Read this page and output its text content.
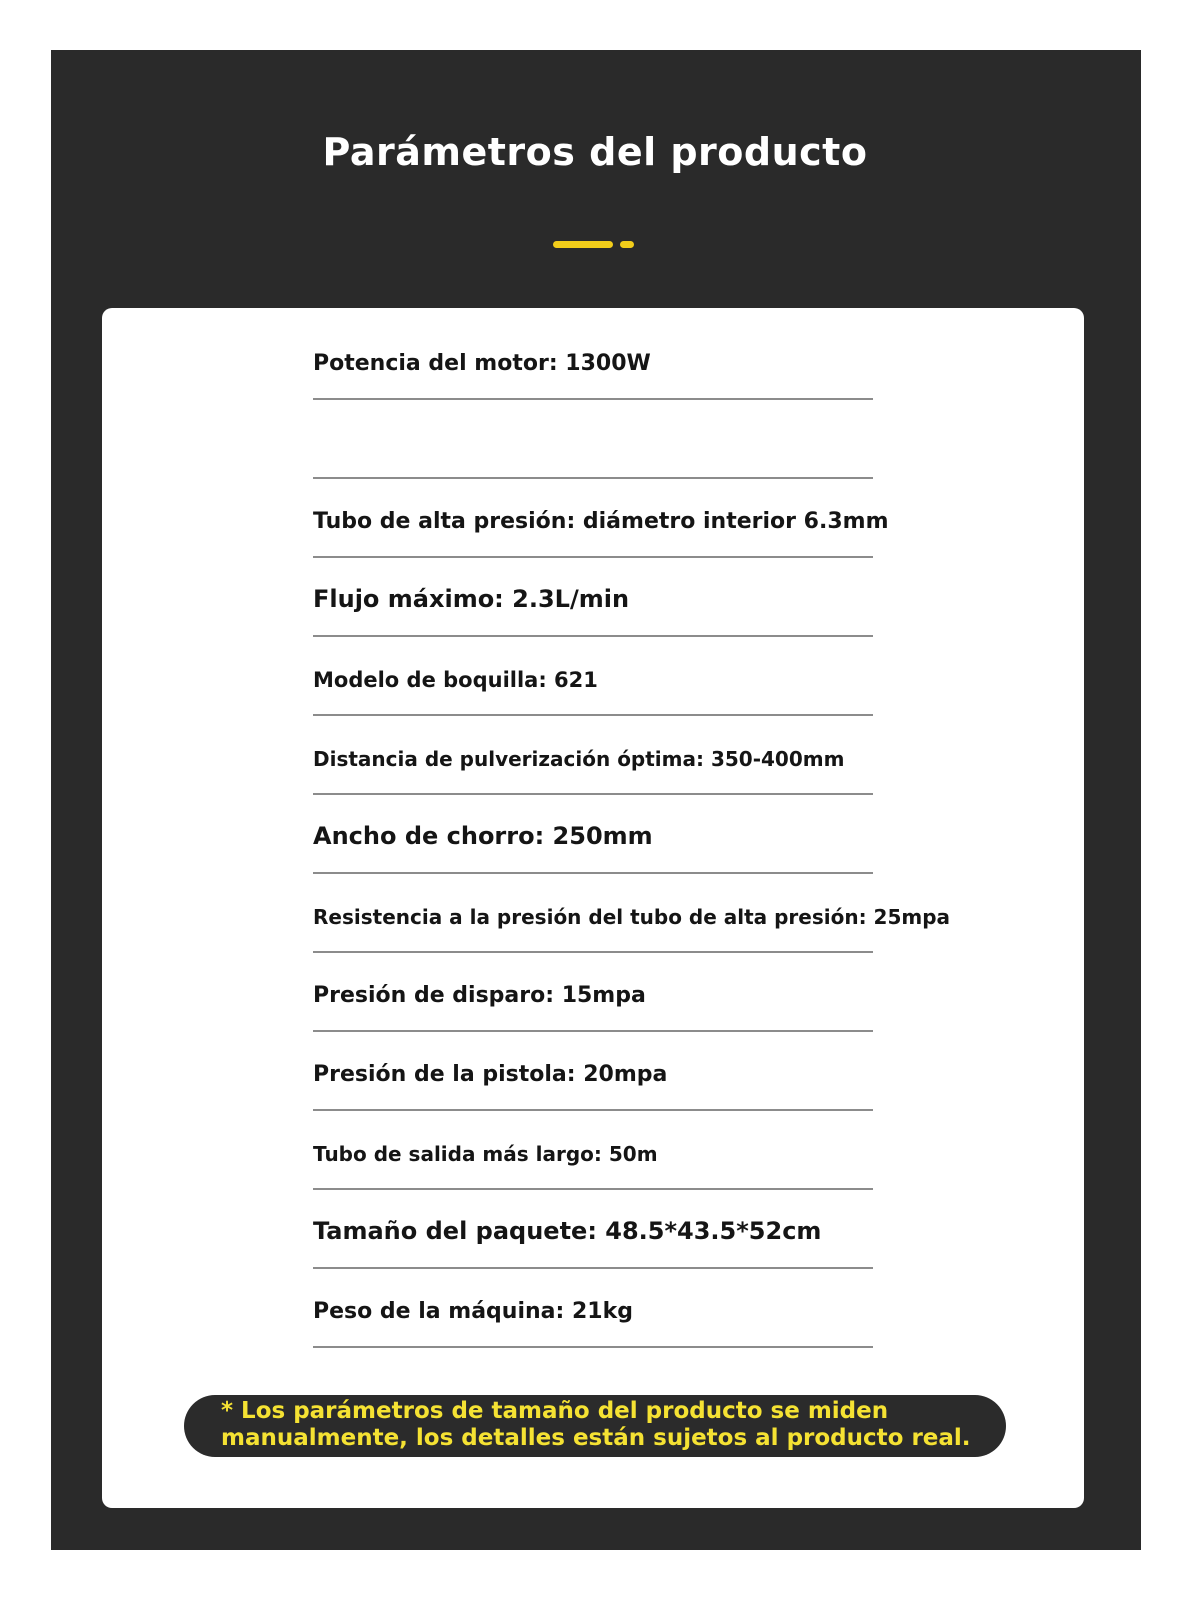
Parámetros del producto
Potencia del motor: 1300W
Tubo de alta presión: diámetro interior 6.3mm
Flujo máximo: 2.3L/min
Modelo de boquilla: 621
Distancia de pulverización óptima: 350-400mm
Ancho de chorro: 250mm
Resistencia a la presión del tubo de alta presión: 25mpa
Presión de disparo: 15mpa
Presión de la pistola: 20mpa
Tubo de salida más largo: 50m
Tamaño del paquete: 48.5*43.5*52cm
Peso de la máquina: 21kg
* Los parámetros de tamaño del producto se miden manualmente, los detalles están sujetos al producto real.
